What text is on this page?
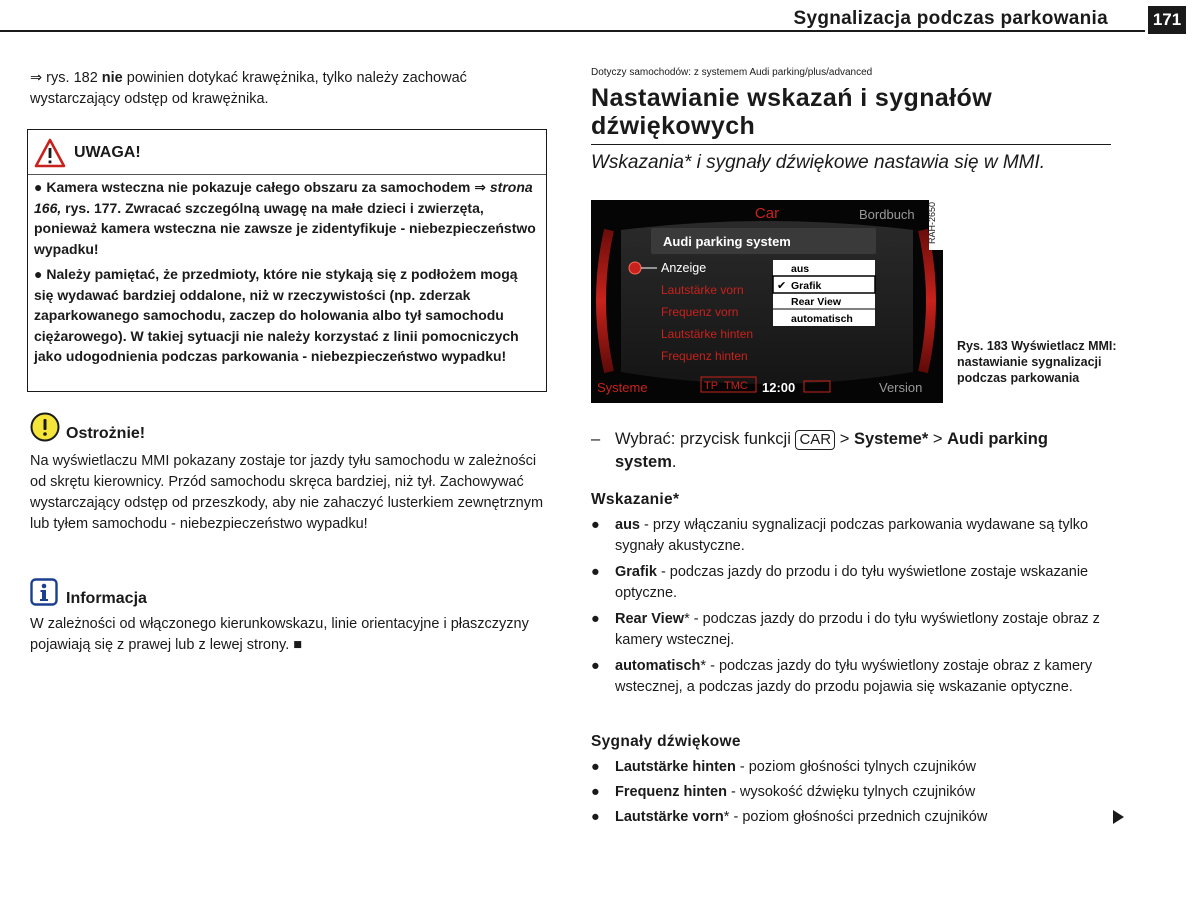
Sygnalizacja podczas parkowania	171

⇒ rys. 182 nie powinien dotykać krawężnika, tylko należy zachować wystarczający odstęp od krawężnika.

UWAGA!

● Kamera wsteczna nie pokazuje całego obszaru za samochodem ⇒ strona 166, rys. 177. Zwracać szczególną uwagę na małe dzieci i zwierzęta, ponieważ kamera wsteczna nie zawsze je zidentyfikuje - niebezpieczeństwo wypadku!

● Należy pamiętać, że przedmioty, które nie stykają się z podłożem mogą się wydawać bardziej oddalone, niż w rzeczywistości (np. zderzak zaparkowanego samochodu, zaczep do holowania albo tył samochodu ciężarowego). W takiej sytuacji nie należy korzystać z linii pomocniczych jako udogodnienia podczas parkowania - niebezpieczeństwo wypadku!

Ostrożnie!

Na wyświetlaczu MMI pokazany zostaje tor jazdy tyłu samochodu w zależności od skrętu kierownicy. Przód samochodu skręca bardziej, niż tył. Zachowywać wystarczający odstęp od przeszkody, aby nie zahaczyć lusterkiem zewnętrznym lub tyłem samochodu - niebezpieczeństwo wypadku!

Informacja

W zależności od włączonego kierunkowskazu, linie orientacyjne i płaszczyzny pojawiają się z prawej lub z lewej strony. ■

Dotyczy samochodów: z systemem Audi parking/plus/advanced
Nastawianie wskazań i sygnałów dźwiękowych
Wskazania* i sygnały dźwiękowe nastawia się w MMI.
Car	Bordbuch
Audi parking system
Anzeige
Lautstärke vorn
Frequenz vorn
Lautstärke hinten
Frequenz hinten
aus
✔ Grafik
Rear View
automatisch
Systeme	TP TMC 12:00	Version
RAH-2650
Rys. 183 Wyświetlacz MMI: nastawianie sygnalizacji podczas parkowania
– Wybrać: przycisk funkcji CAR > Systeme* > Audi parking system.
Wskazanie*

● aus - przy włączaniu sygnalizacji podczas parkowania wydawane są tylko sygnały akustyczne.

● Grafik - podczas jazdy do przodu i do tyłu wyświetlone zostaje wskazanie optyczne.

● Rear View* - podczas jazdy do przodu i do tyłu wyświetlony zostaje obraz z kamery wstecznej.

● automatisch* - podczas jazdy do tyłu wyświetlony zostaje obraz z kamery wstecznej, a podczas jazdy do przodu pojawia się wskazanie optyczne.

Sygnały dźwiękowe

● Lautstärke hinten - poziom głośności tylnych czujników

● Frequenz hinten - wysokość dźwięku tylnych czujników

● Lautstärke vorn* - poziom głośności przednich czujników
